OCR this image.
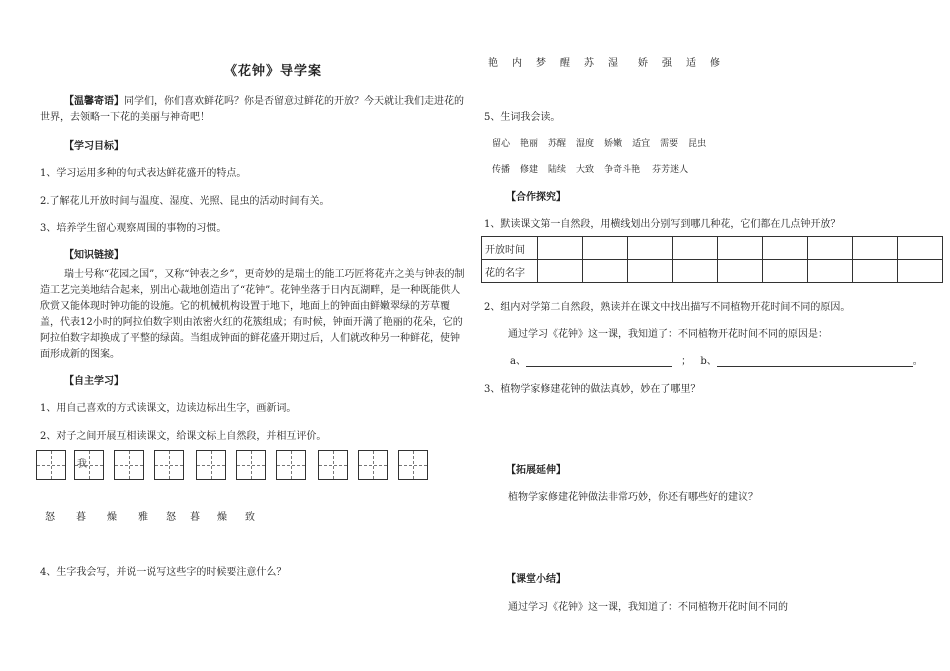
《花钟》导学案
【温馨寄语】同学们，你们喜欢鲜花吗？你是否留意过鲜花的开放？今天就让我们走进花的世界，去领略一下花的美丽与神奇吧！
【学习目标】
1、学习运用多种的句式表达鲜花盛开的特点。
2.了解花儿开放时间与温度、湿度、光照、昆虫的活动时间有关。
3、培养学生留心观察周围的事物的习惯。
【知识链接】
瑞士号称“花园之国”，又称“钟表之乡”，更奇妙的是瑞士的能工巧匠将花卉之美与钟表的制造工艺完美地结合起来，别出心裁地创造出了“花钟”。花钟坐落于日内瓦湖畔，是一种既能供人欣赏又能体现时钟功能的设施。它的机械机构设置于地下，地面上的钟面由鲜嫩翠绿的芳草覆盖，代表12小时的阿拉伯数字则由浓密火红的花簇组成；有时候，钟面开满了艳丽的花朵，它的阿拉伯数字却换成了平整的绿茵。当组成钟面的鲜花盛开期过后，人们就改种另一种鲜花，使钟面形成新的图案。
【自主学习】
1、用自己喜欢的方式读课文，边读边标出生字，画新词。
2、对子之间开展互相读课文，给课文标上自然段，并相互评价。
我
怒 暮 燥 雅 怒 暮 燥 致
4、生字我会写，并说一说写这些字的时候要注意什么？
艳 内 梦 醒 苏 湿 娇 强 适 修
5、生词我会读。
留心 艳丽 苏醒 湿度 娇嫩 适宜 需要 昆虫
传播 修建 陆续 大致 争奇斗艳 芬芳迷人
【合作探究】
1、默读课文第一自然段，用横线划出分别写到哪几种花，它们都在几点钟开放？
开放时间									
花的名字									
2、组内对学第二自然段，熟读并在课文中找出描写不同植物开花时间不同的原因。
通过学习《花钟》这一课，我知道了：不同植物开花时间不同的原因是：
a、	； b、	。
3、植物学家修建花钟的做法真妙，妙在了哪里？
【拓展延伸】
植物学家修建花钟做法非常巧妙，你还有哪些好的建议？
【课堂小结】
通过学习《花钟》这一课，我知道了：不同植物开花时间不同的
